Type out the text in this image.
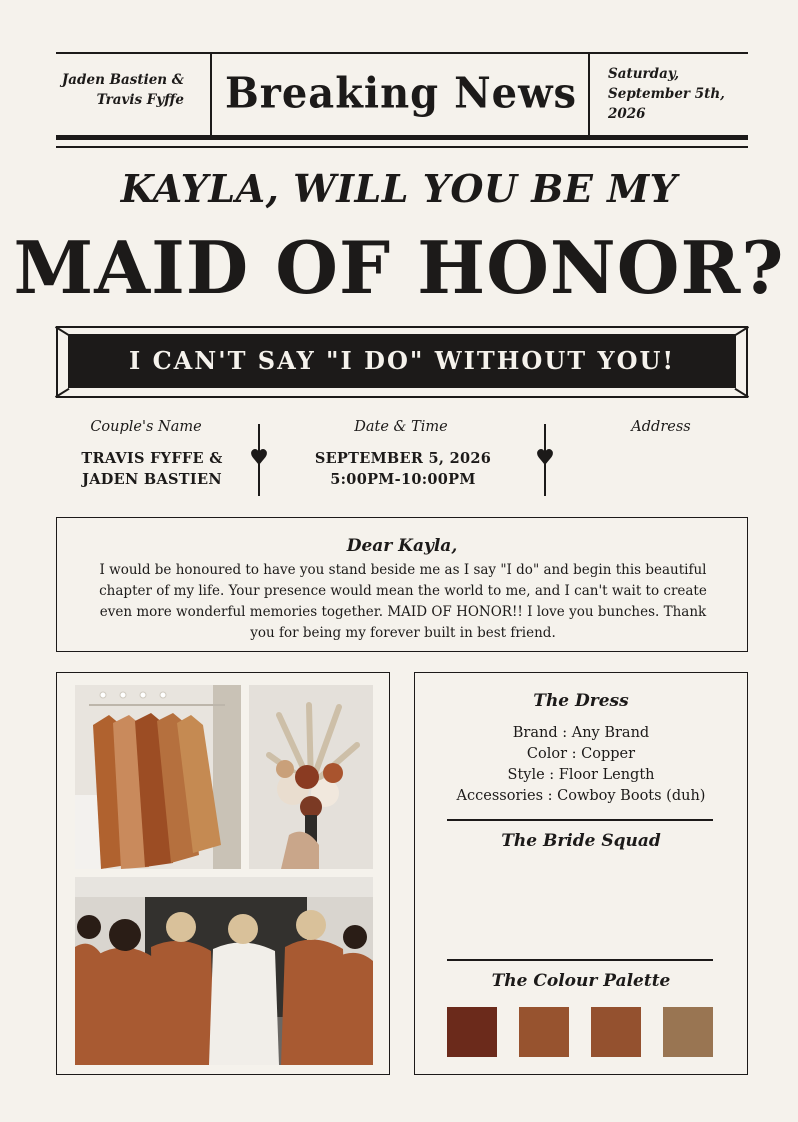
Jaden Bastien &
Travis Fyffe	Breaking News	Saturday,
September 5th,
2026
KAYLA, WILL YOU BE MY
MAID OF HONOR?
I CAN'T SAY "I DO" WITHOUT YOU!
Couple's Name
TRAVIS FYFFE &
JADEN BASTIEN
♥
Date & Time
SEPTEMBER 5, 2026
5:00PM-10:00PM
♥
Address
Dear Kayla,
I would be honoured to have you stand beside me as I say "I do" and begin this beautiful
chapter of my life. Your presence would mean the world to me, and I can't wait to create
even more wonderful memories together. MAID OF HONOR!! I love you bunches. Thank
you for being my forever built in best friend.
The Dress
Brand : Any Brand
Color : Copper
Style : Floor Length
Accessories : Cowboy Boots (duh)
The Bride Squad
The Colour Palette
